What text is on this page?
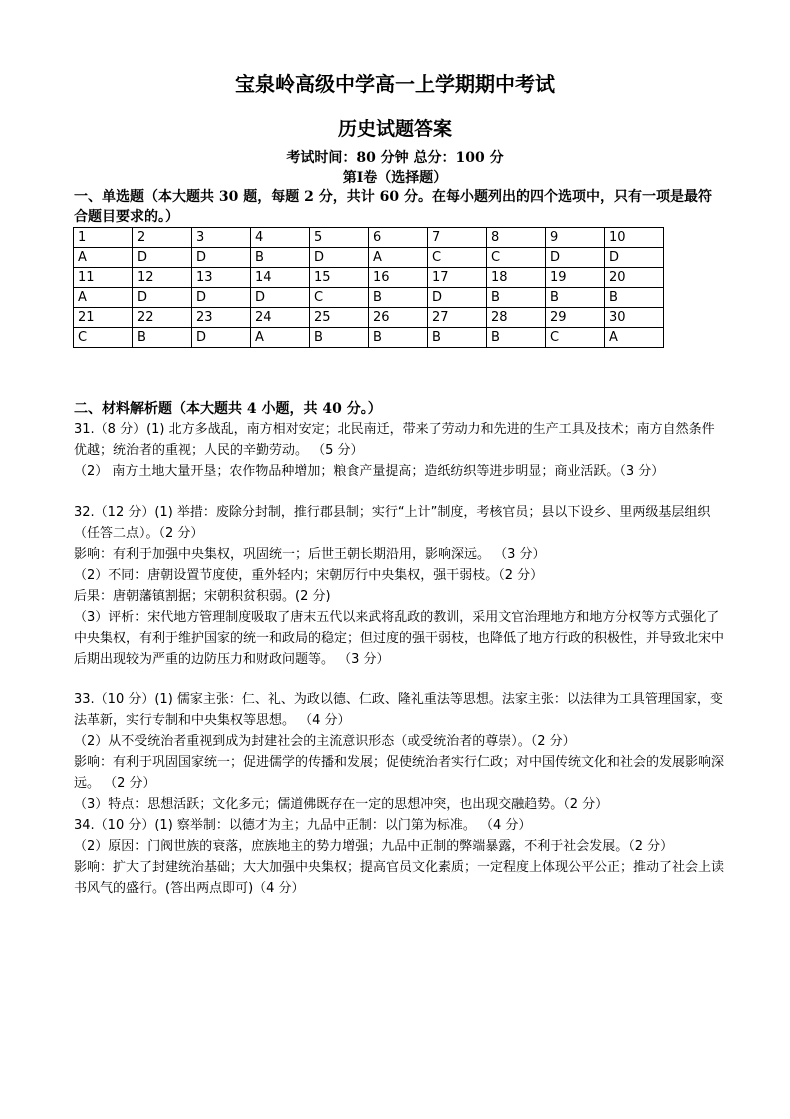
宝泉岭高级中学高一上学期期中考试
历史试题答案
考试时间：80 分钟 总分：100 分
第Ⅰ卷（选择题）
一、单选题（本大题共 30 题，每题 2 分，共计 60 分。在每小题列出的四个选项中，只有一项是最符合题目要求的。）
1	2	3	4	5	6	7	8	9	10
A	D	D	B	D	A	C	C	D	D
11	12	13	14	15	16	17	18	19	20
A	D	D	D	C	B	D	B	B	B
21	22	23	24	25	26	27	28	29	30
C	B	D	A	B	B	B	B	C	A
二、材料解析题（本大题共 4 小题，共 40 分。）

31.（8 分）(1) 北方多战乱，南方相对安定；北民南迁，带来了劳动力和先进的生产工具及技术；南方自然条件优越；统治者的重视；人民的辛勤劳动。 （5 分）

（2） 南方土地大量开垦；农作物品种增加；粮食产量提高；造纸纺织等进步明显；商业活跃。（3 分）

32.（12 分）(1) 举措：废除分封制，推行郡县制；实行“上计”制度，考核官员；县以下设乡、里两级基层组织（任答二点）。（2 分）

影响：有利于加强中央集权，巩固统一；后世王朝长期沿用，影响深远。 （3 分）

（2）不同：唐朝设置节度使，重外轻内；宋朝厉行中央集权，强干弱枝。（2 分）

后果：唐朝藩镇割据；宋朝积贫积弱。(2 分)

（3）评析：宋代地方管理制度吸取了唐末五代以来武将乱政的教训，采用文官治理地方和地方分权等方式强化了中央集权，有利于维护国家的统一和政局的稳定；但过度的强干弱枝，也降低了地方行政的积极性，并导致北宋中后期出现较为严重的边防压力和财政问题等。 （3 分）

33.（10 分）(1) 儒家主张：仁、礼、为政以德、仁政、隆礼重法等思想。法家主张：以法律为工具管理国家，变法革新，实行专制和中央集权等思想。 （4 分）

（2）从不受统治者重视到成为封建社会的主流意识形态（或受统治者的尊崇）。（2 分）

影响：有利于巩固国家统一；促进儒学的传播和发展；促使统治者实行仁政；对中国传统文化和社会的发展影响深远。 （2 分）

（3）特点：思想活跃；文化多元；儒道佛既存在一定的思想冲突，也出现交融趋势。（2 分）

34.（10 分）(1) 察举制：以德才为主；九品中正制：以门第为标准。 （4 分）

（2）原因：门阀世族的衰落，庶族地主的势力增强；九品中正制的弊端暴露，不利于社会发展。（2 分）

影响：扩大了封建统治基础；大大加强中央集权；提高官员文化素质；一定程度上体现公平公正；推动了社会上读书风气的盛行。(答出两点即可)（4 分）
